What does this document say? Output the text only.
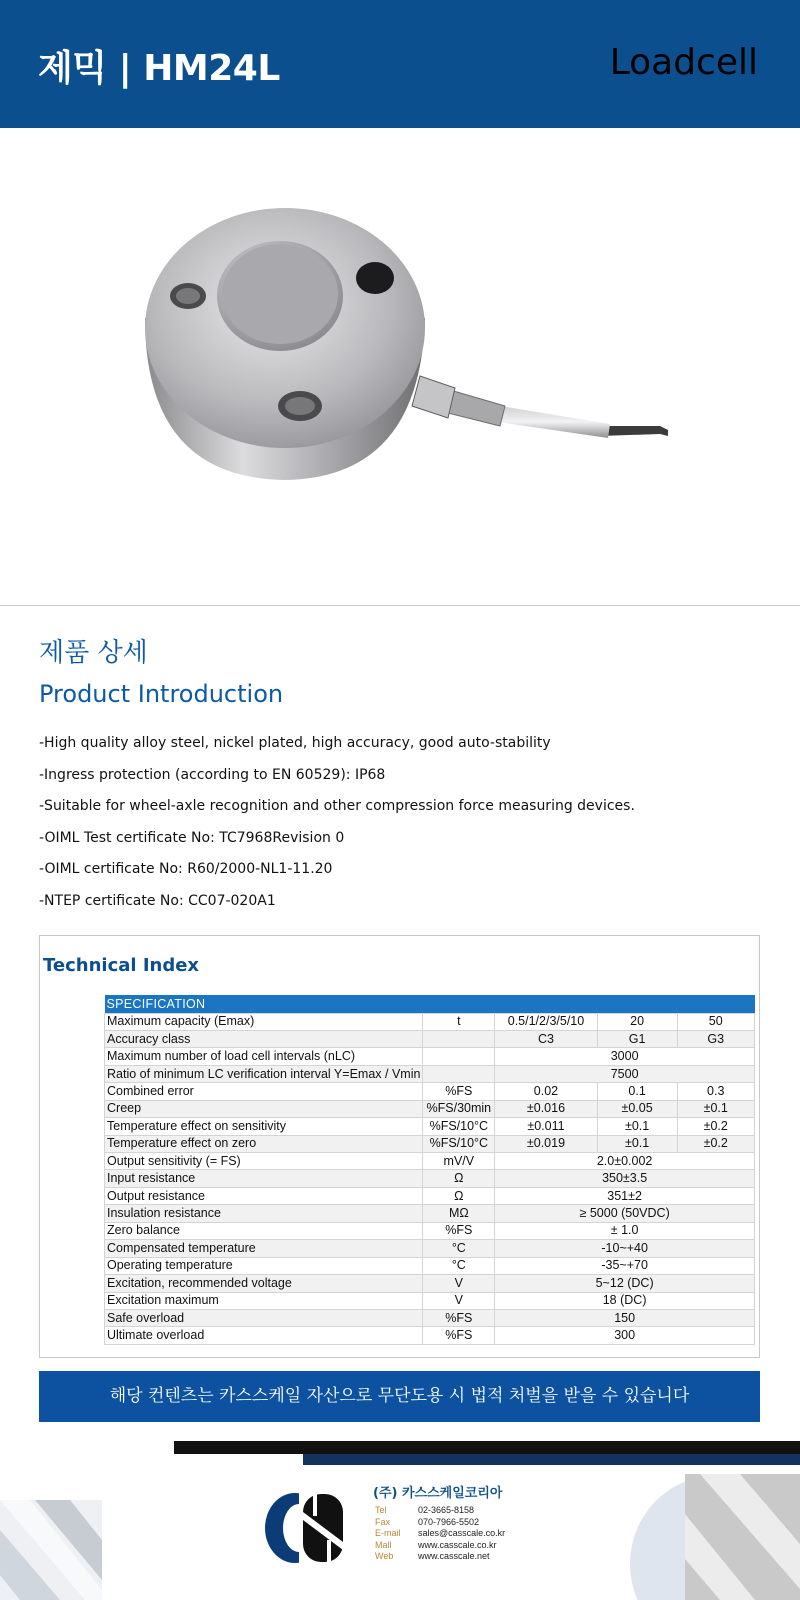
제믹 | HM24L	Loadcell
제품 상세
Product Introduction
-High quality alloy steel, nickel plated, high accuracy, good auto-stability
-Ingress protection (according to EN 60529): IP68
-Suitable for wheel-axle recognition and other compression force measuring devices.
-OIML Test certificate No: TC7968Revision 0
-OIML certificate No: R60/2000-NL1-11.20
-NTEP certificate No: CC07-020A1
Technical Index
SPECIFICATION				
Maximum capacity (Emax)	t	0.5/1/2/3/5/10	20	50
Accuracy class		C3	G1	G3
Maximum number of load cell intervals (nLC)		3000		
Ratio of minimum LC verification interval Y=Emax / Vmin		7500		
Combined error	%FS	0.02	0.1	0.3
Creep	%FS/30min	±0.016	±0.05	±0.1
Temperature effect on sensitivity	%FS/10°C	±0.011	±0.1	±0.2
Temperature effect on zero	%FS/10°C	±0.019	±0.1	±0.2
Output sensitivity (= FS)	mV/V	2.0±0.002		
Input resistance	Ω	350±3.5		
Output resistance	Ω	351±2		
Insulation resistance	MΩ	≥ 5000 (50VDC)		
Zero balance	%FS	± 1.0		
Compensated temperature	°C	-10~+40		
Operating temperature	°C	-35~+70		
Excitation, recommended voltage	V	5~12 (DC)		
Excitation maximum	V	18 (DC)		
Safe overload	%FS	150		
Ultimate overload	%FS	300		
해당 컨텐츠는 카스스케일 자산으로 무단도용 시 법적 처벌을 받을 수 있습니다
(주) 카스스케일코리아
Tel	02-3665-8158
Fax	070-7966-5502
E-mail	sales@casscale.co.kr
Mall	www.casscale.co.kr
Web	www.casscale.net
